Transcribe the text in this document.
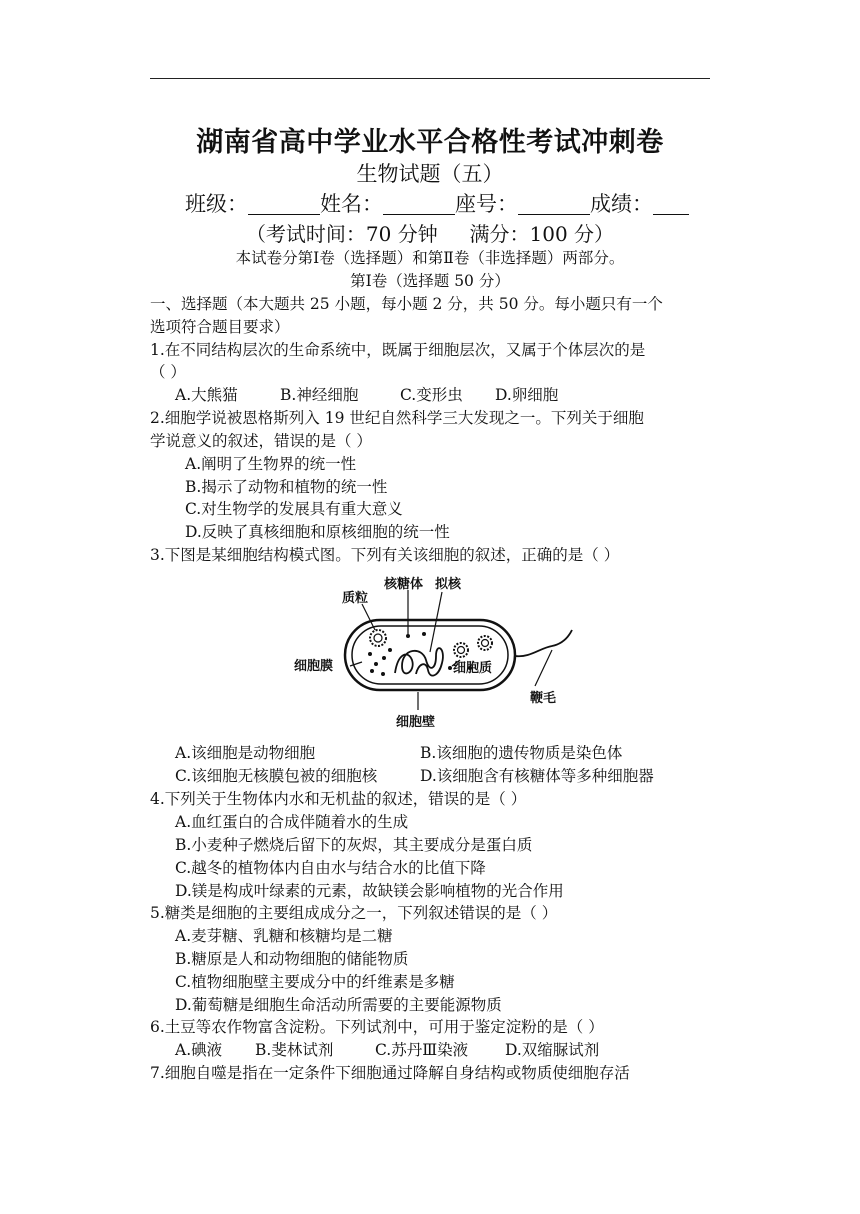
湖南省高中学业水平合格性考试冲刺卷
生物试题（五）
班级：	姓名：	座号：	成绩：
（考试时间：70 分钟     满分：100 分）
本试卷分第Ⅰ卷（选择题）和第Ⅱ卷（非选择题）两部分。
第Ⅰ卷（选择题 50 分）
一、选择题（本大题共 25 小题，每小题 2 分，共 50 分。每小题只有一个
选项符合题目要求）
1.在不同结构层次的生命系统中，既属于细胞层次，又属于个体层次的是
（ ）
A.大熊猫	B.神经细胞	C.变形虫 D.卵细胞
2.细胞学说被恩格斯列入 19 世纪自然科学三大发现之一。下列关于细胞
学说意义的叙述，错误的是（ ）
A.阐明了生物界的统一性
B.揭示了动物和植物的统一性
C.对生物学的发展具有重大意义
D.反映了真核细胞和原核细胞的统一性
3.下图是某细胞结构模式图。下列有关该细胞的叙述，正确的是（ ）
核糖体 拟核
质粒
细胞膜	细胞质
鞭毛
细胞壁
A.该细胞是动物细胞	B.该细胞的遗传物质是染色体
C.该细胞无核膜包被的细胞核	D.该细胞含有核糖体等多种细胞器
4.下列关于生物体内水和无机盐的叙述，错误的是（ ）
A.血红蛋白的合成伴随着水的生成
B.小麦种子燃烧后留下的灰烬，其主要成分是蛋白质
C.越冬的植物体内自由水与结合水的比值下降
D.镁是构成叶绿素的元素，故缺镁会影响植物的光合作用
5.糖类是细胞的主要组成成分之一，下列叙述错误的是（ ）
A.麦芽糖、乳糖和核糖均是二糖
B.糖原是人和动物细胞的储能物质
C.植物细胞壁主要成分中的纤维素是多糖
D.葡萄糖是细胞生命活动所需要的主要能源物质
6.土豆等农作物富含淀粉。下列试剂中，可用于鉴定淀粉的是（ ）
A.碘液 B.斐林试剂	C.苏丹Ⅲ染液 D.双缩脲试剂
7.细胞自噬是指在一定条件下细胞通过降解自身结构或物质使细胞存活
